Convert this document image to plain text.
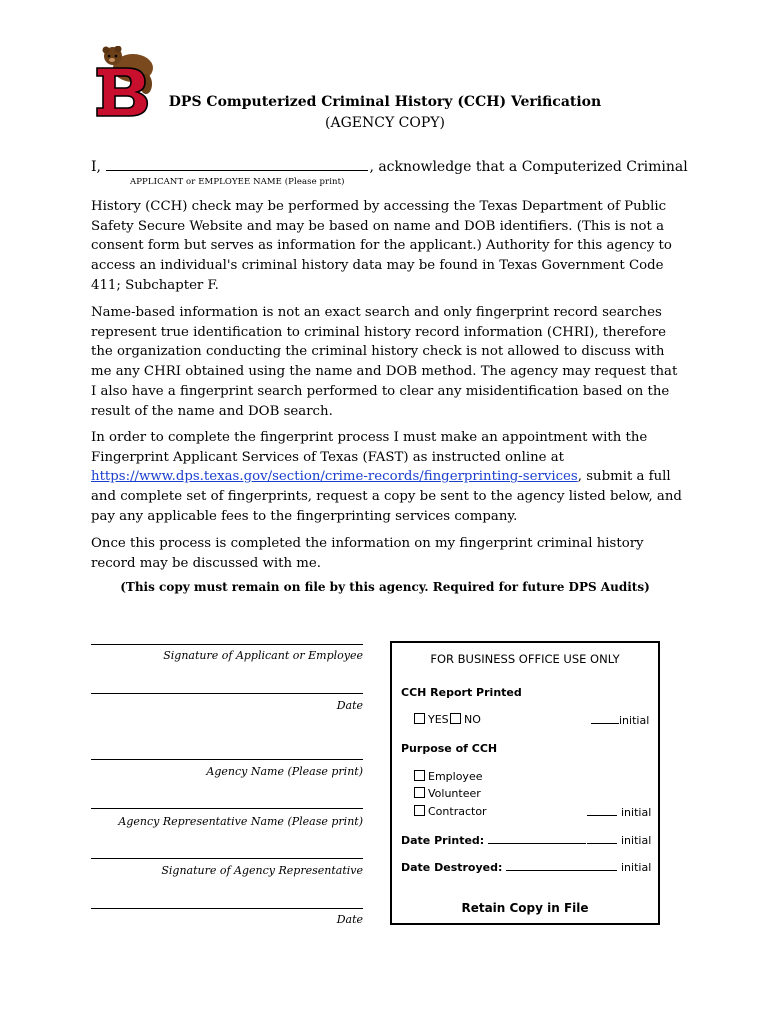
DPS Computerized Criminal History (CCH) Verification
(AGENCY COPY)
I,	, acknowledge that a Computerized Criminal
APPLICANT or EMPLOYEE NAME (Please print)
History (CCH) check may be performed by accessing the Texas Department of Public Safety Secure Website and may be based on name and DOB identifiers. (This is not a consent form but serves as information for the applicant.) Authority for this agency to access an individual's criminal history data may be found in Texas Government Code 411; Subchapter F.
Name-based information is not an exact search and only fingerprint record searches represent true identification to criminal history record information (CHRI), therefore the organization conducting the criminal history check is not allowed to discuss with me any CHRI obtained using the name and DOB method. The agency may request that I also have a fingerprint search performed to clear any misidentification based on the result of the name and DOB search.
In order to complete the fingerprint process I must make an appointment with the Fingerprint Applicant Services of Texas (FAST) as instructed online at https://www.dps.texas.gov/section/crime-records/fingerprinting-services, submit a full and complete set of fingerprints, request a copy be sent to the agency listed below, and pay any applicable fees to the fingerprinting services company.
Once this process is completed the information on my fingerprint criminal history record may be discussed with me.
(This copy must remain on file by this agency. Required for future DPS Audits)
Signature of Applicant or Employee
Date
Agency Name (Please print)
Agency Representative Name (Please print)
Signature of Agency Representative
Date
FOR BUSINESS OFFICE USE ONLY
CCH Report Printed
YES	NO	initial
Purpose of CCH
Employee
Volunteer
Contractor	initial
Date Printed:	initial
Date Destroyed:	initial
Retain Copy in File
